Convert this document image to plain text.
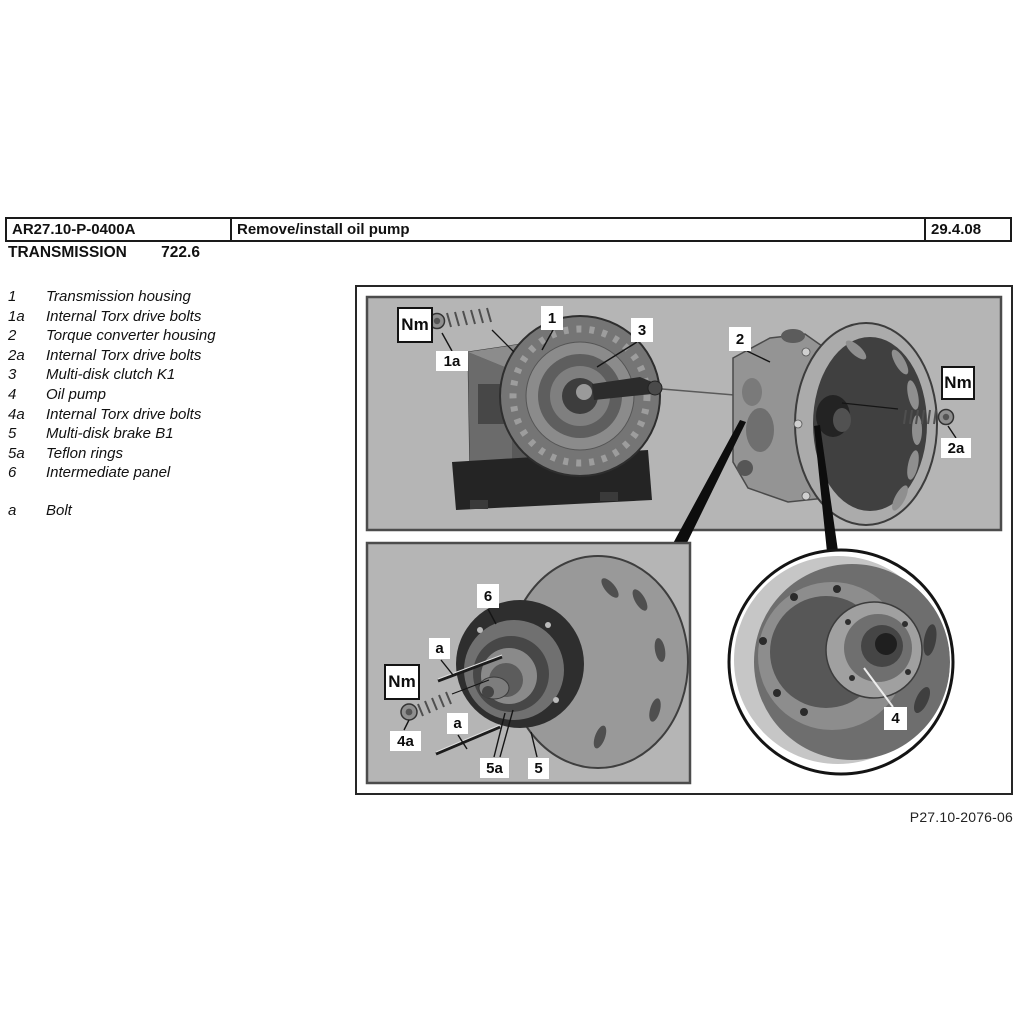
AR27.10-P-0400A	Remove/install oil pump	29.4.08
TRANSMISSION 722.6
1	Transmission housing
1a	Internal Torx drive bolts
2	Torque converter housing
2a	Internal Torx drive bolts
3	Multi-disk clutch K1
4	Oil pump
4a	Internal Torx drive bolts
5	Multi-disk brake B1
5a	Teflon rings
6	Intermediate panel
a	Bolt
Nm
1a
1
3
2
Nm
2a
6
a
Nm
4a
a
5a	5
4
P27.10-2076-06
